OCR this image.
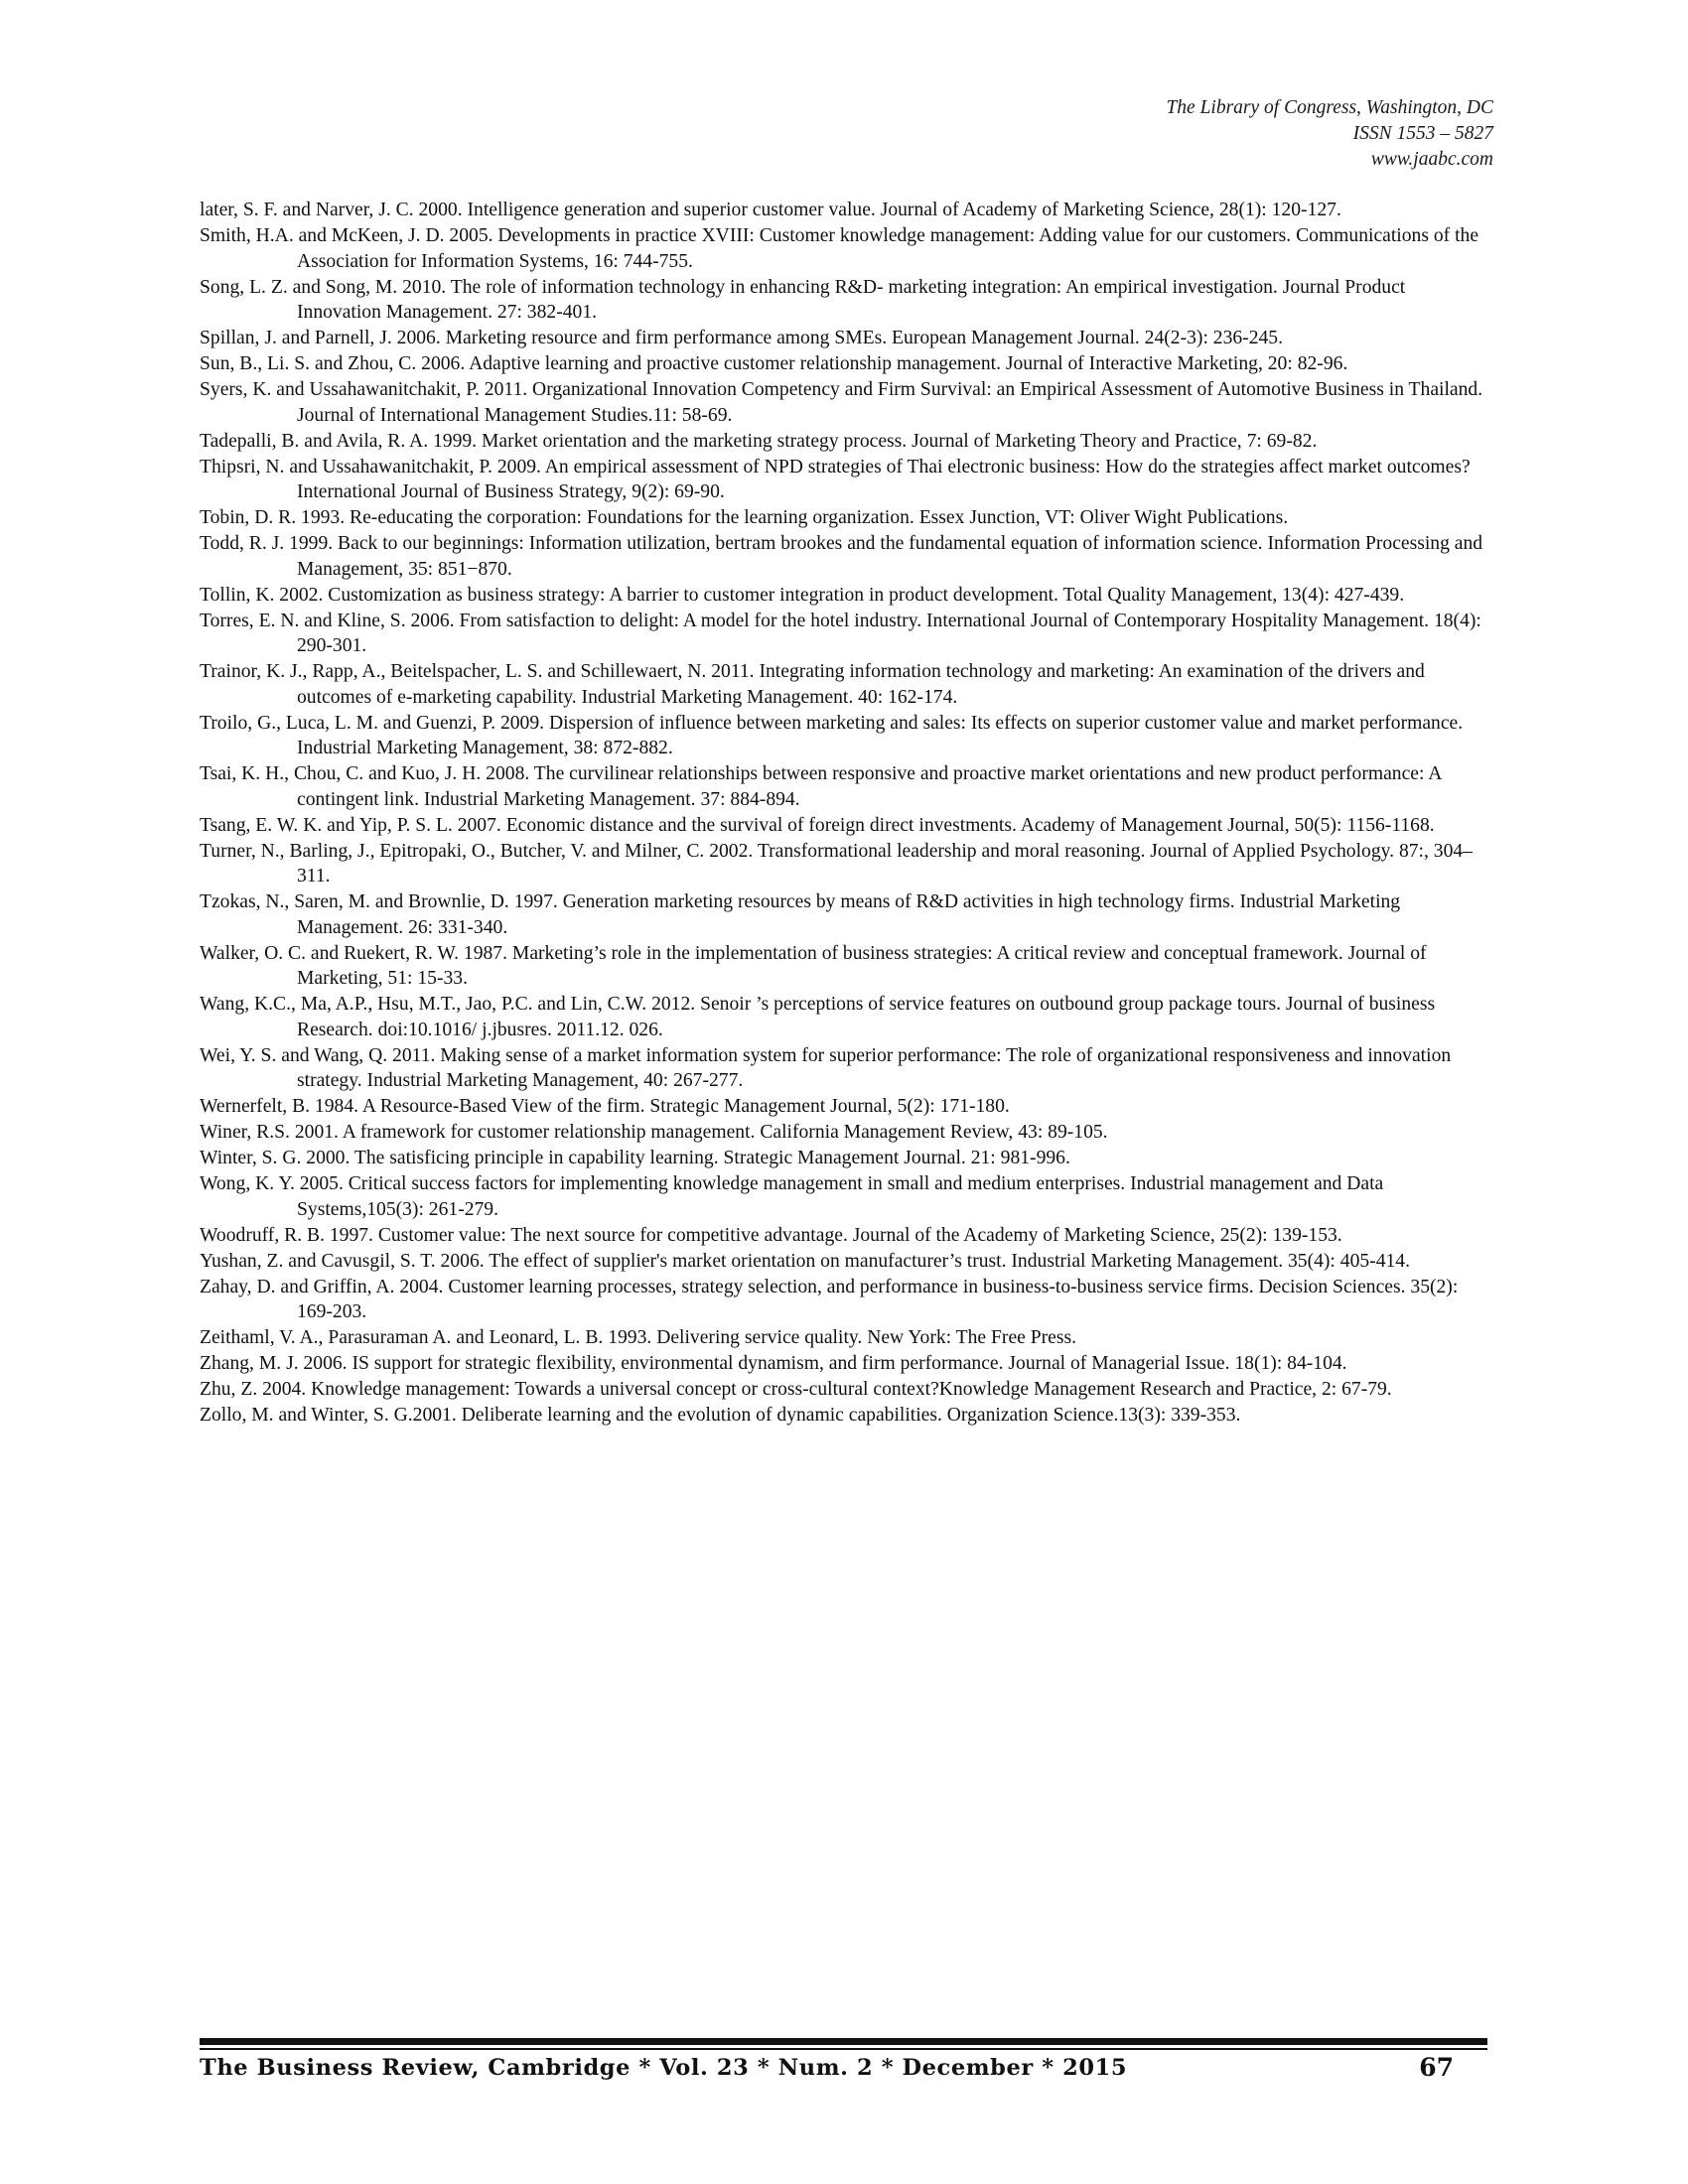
The Library of Congress, Washington, DC
ISSN 1553 – 5827
www.jaabc.com
later, S. F. and Narver, J. C. 2000. Intelligence generation and superior customer value. Journal of Academy of Marketing Science, 28(1): 120-127.
Smith, H.A. and McKeen, J. D. 2005. Developments in practice XVIII: Customer knowledge management: Adding value for our customers. Communications of the Association for Information Systems, 16: 744-755.
Song, L. Z. and Song, M. 2010. The role of information technology in enhancing R&D- marketing integration: An empirical investigation. Journal Product Innovation Management. 27: 382-401.
Spillan, J. and Parnell, J. 2006. Marketing resource and firm performance among SMEs. European Management Journal. 24(2-3): 236-245.
Sun, B., Li. S. and Zhou, C. 2006. Adaptive learning and proactive customer relationship management. Journal of Interactive Marketing, 20: 82-96.
Syers, K. and Ussahawanitchakit, P. 2011. Organizational Innovation Competency and Firm Survival: an Empirical Assessment of Automotive Business in Thailand. Journal of International Management Studies.11: 58-69.
Tadepalli, B. and Avila, R. A. 1999. Market orientation and the marketing strategy process. Journal of Marketing Theory and Practice, 7: 69-82.
Thipsri, N. and Ussahawanitchakit, P. 2009. An empirical assessment of NPD strategies of Thai electronic business: How do the strategies affect market outcomes? International Journal of Business Strategy, 9(2): 69-90.
Tobin, D. R. 1993. Re-educating the corporation: Foundations for the learning organization. Essex Junction, VT: Oliver Wight Publications.
Todd, R. J. 1999. Back to our beginnings: Information utilization, bertram brookes and the fundamental equation of information science. Information Processing and Management, 35: 851−870.
Tollin, K. 2002. Customization as business strategy: A barrier to customer integration in product development. Total Quality Management, 13(4): 427-439.
Torres, E. N. and Kline, S. 2006. From satisfaction to delight: A model for the hotel industry. International Journal of Contemporary Hospitality Management. 18(4): 290-301.
Trainor, K. J., Rapp, A., Beitelspacher, L. S. and Schillewaert, N. 2011. Integrating information technology and marketing: An examination of the drivers and outcomes of e-marketing capability. Industrial Marketing Management. 40: 162-174.
Troilo, G., Luca, L. M. and Guenzi, P. 2009. Dispersion of influence between marketing and sales: Its effects on superior customer value and market performance. Industrial Marketing Management, 38: 872-882.
Tsai, K. H., Chou, C. and Kuo, J. H. 2008. The curvilinear relationships between responsive and proactive market orientations and new product performance: A contingent link. Industrial Marketing Management. 37: 884-894.
Tsang, E. W. K. and Yip, P. S. L. 2007. Economic distance and the survival of foreign direct investments. Academy of Management Journal, 50(5): 1156-1168.
Turner, N., Barling, J., Epitropaki, O., Butcher, V. and Milner, C. 2002. Transformational leadership and moral reasoning. Journal of Applied Psychology. 87:, 304–311.
Tzokas, N., Saren, M. and Brownlie, D. 1997. Generation marketing resources by means of R&D activities in high technology firms. Industrial Marketing Management. 26: 331-340.
Walker, O. C. and Ruekert, R. W. 1987. Marketing’s role in the implementation of business strategies: A critical review and conceptual framework. Journal of Marketing, 51: 15-33.
Wang, K.C., Ma, A.P., Hsu, M.T., Jao, P.C. and Lin, C.W. 2012. Senoir ’s perceptions of service features on outbound group package tours. Journal of business Research. doi:10.1016/ j.jbusres. 2011.12. 026.
Wei, Y. S. and Wang, Q. 2011. Making sense of a market information system for superior performance: The role of organizational responsiveness and innovation strategy. Industrial Marketing Management, 40: 267-277.
Wernerfelt, B. 1984. A Resource-Based View of the firm. Strategic Management Journal, 5(2): 171-180.
Winer, R.S. 2001. A framework for customer relationship management. California Management Review, 43: 89-105.
Winter, S. G. 2000. The satisficing principle in capability learning. Strategic Management Journal. 21: 981-996.
Wong, K. Y. 2005. Critical success factors for implementing knowledge management in small and medium enterprises. Industrial management and Data Systems,105(3): 261-279.
Woodruff, R. B. 1997. Customer value: The next source for competitive advantage. Journal of the Academy of Marketing Science, 25(2): 139-153.
Yushan, Z. and Cavusgil, S. T. 2006. The effect of supplier's market orientation on manufacturer’s trust. Industrial Marketing Management. 35(4): 405-414.
Zahay, D. and Griffin, A. 2004. Customer learning processes, strategy selection, and performance in business-to-business service firms. Decision Sciences. 35(2): 169-203.
Zeithaml, V. A., Parasuraman A. and Leonard, L. B. 1993. Delivering service quality. New York: The Free Press.
Zhang, M. J. 2006. IS support for strategic flexibility, environmental dynamism, and firm performance. Journal of Managerial Issue. 18(1): 84-104.
Zhu, Z. 2004. Knowledge management: Towards a universal concept or cross-cultural context?Knowledge Management Research and Practice, 2: 67-79.
Zollo, M. and Winter, S. G.2001. Deliberate learning and the evolution of dynamic capabilities. Organization Science.13(3): 339-353.
The Business Review, Cambridge * Vol. 23 * Num. 2 * December * 2015	67
